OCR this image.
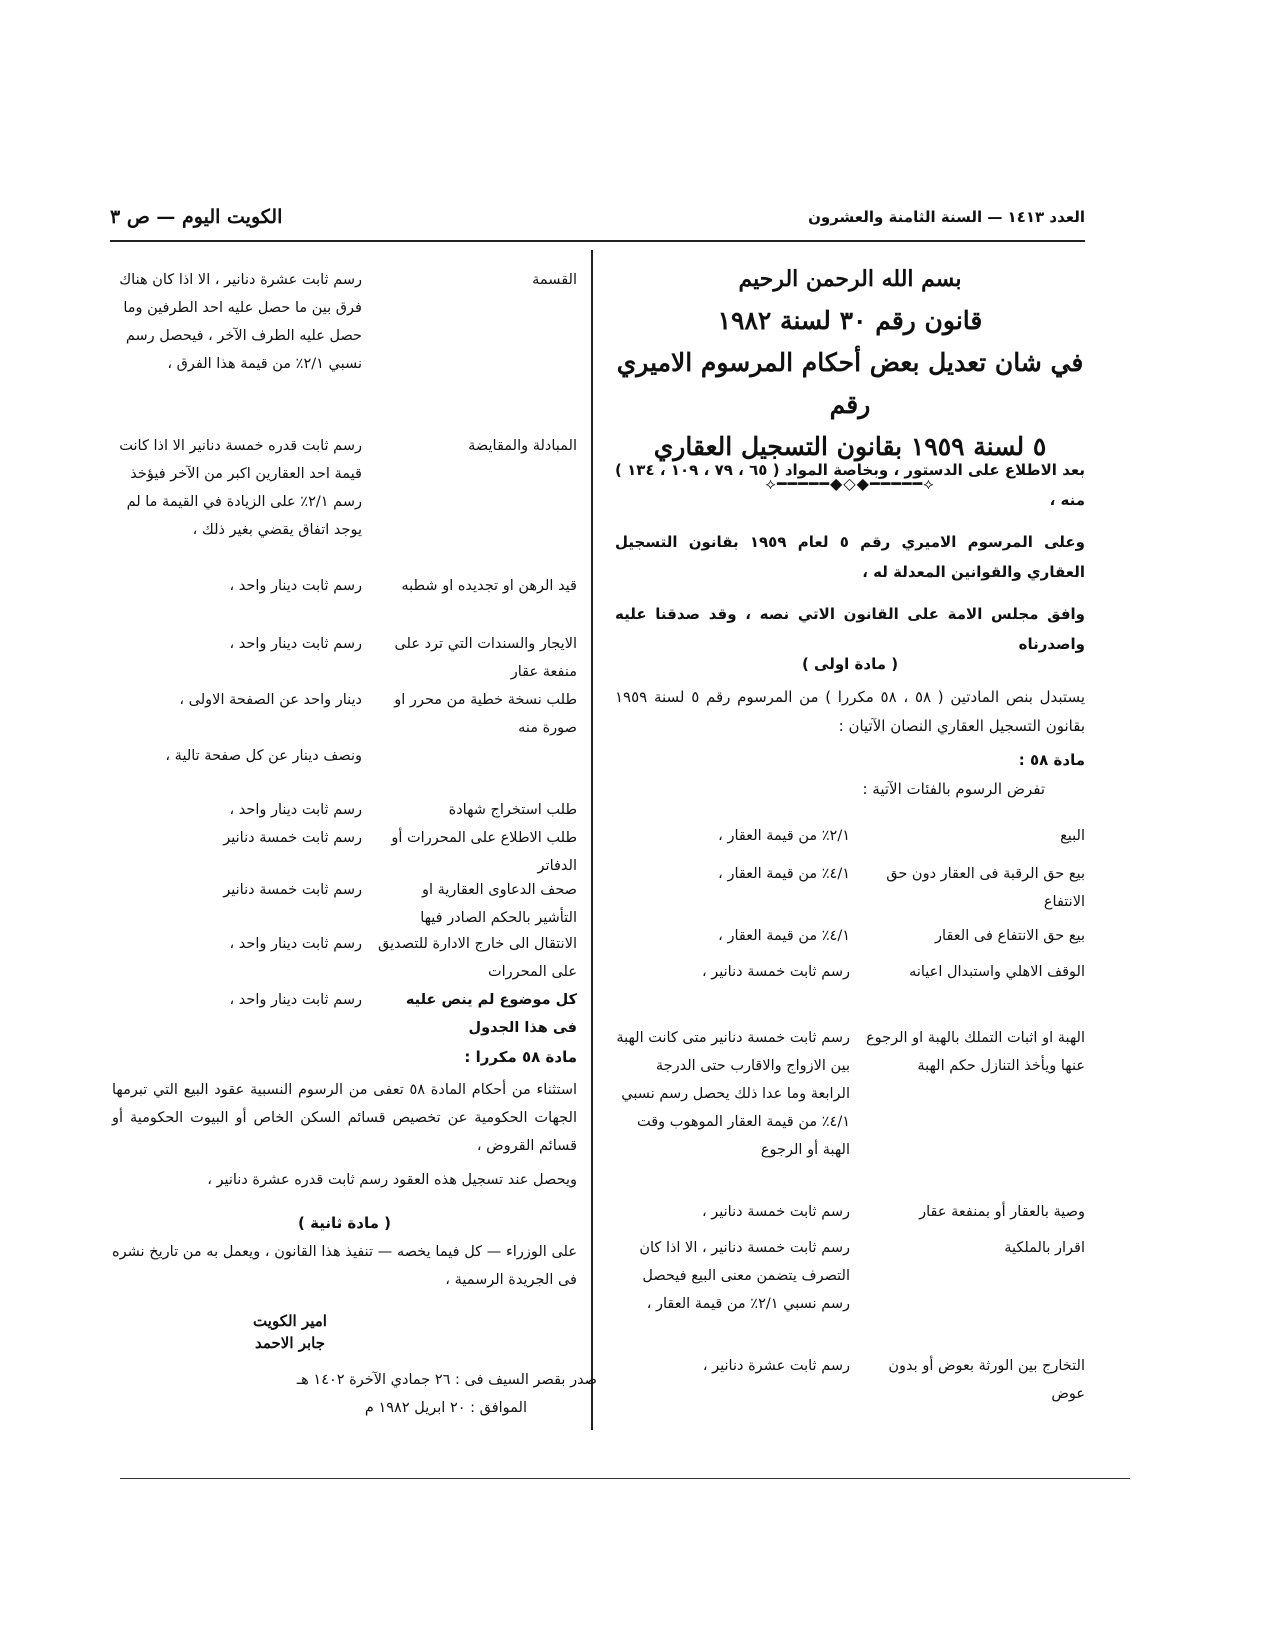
العدد ١٤١٣ — السنة الثامنة والعشرون
الكويت اليوم — ص ٣
بسم الله الرحمن الرحيم
قانون رقم ٣٠ لسنة ١٩٨٢
في شان تعديل بعض أحكام المرسوم الاميري رقم
٥ لسنة ١٩٥٩ بقانون التسجيل العقاري
⟡━━━━━◆◇◆━━━━━⟡
بعد الاطلاع على الدستور ، وبخاصة المواد ( ٦٥ ، ٧٩ ، ١٠٩ ، ١٣٤ ) منه ،
وعلى المرسوم الاميري رقم ٥ لعام ١٩٥٩ بقانون التسجيل العقاري والقوانين المعدلة له ،
وافق مجلس الامة على القانون الاتي نصه ، وقد صدقنا عليه واصدرناه
( مادة اولى )
يستبدل بنص المادتين ( ٥٨ ، ٥٨ مكررا ) من المرسوم رقم ٥ لسنة ١٩٥٩ بقانون التسجيل العقاري النصان الآتيان :
مادة ٥٨ :
تفرض الرسوم بالفئات الآتية :
البيع
٢/١٪ من قيمة العقار ،
بيع حق الرقبة فى العقار دون حق الانتفاع
٤/١٪ من قيمة العقار ،
بيع حق الانتفاع فى العقار
٤/١٪ من قيمة العقار ،
الوقف الاهلي واستبدال اعيانه
رسم ثابت خمسة دنانير ،
الهبة او اثبات التملك بالهبة او الرجوع عنها ويأخذ التنازل حكم الهبة
رسم ثابت خمسة دنانير متى كانت الهبة بين الازواج والاقارب حتى الدرجة الرابعة وما عدا ذلك يحصل رسم نسبي ٤/١٪ من قيمة العقار الموهوب وقت الهبة أو الرجوع
وصية بالعقار أو بمنفعة عقار
رسم ثابت خمسة دنانير ،
اقرار بالملكية
رسم ثابت خمسة دنانير ، الا اذا كان التصرف يتضمن معنى البيع فيحصل رسم نسبي ٢/١٪ من قيمة العقار ،
التخارج بين الورثة بعوض أو بدون عوض
رسم ثابت عشرة دنانير ،
القسمة
رسم ثابت عشرة دنانير ، الا اذا كان هناك فرق بين ما حصل عليه احد الطرفين وما حصل عليه الطرف الآخر ، فيحصل رسم نسبي ٢/١٪ من قيمة هذا الفرق ،
المبادلة والمقايضة
رسم ثابت قدره خمسة دنانير الا اذا كانت قيمة احد العقارين اكبر من الآخر فيؤخذ رسم ٢/١٪ على الزيادة في القيمة ما لم يوجد اتفاق يقضي بغير ذلك ،
قيد الرهن او تجديده او شطبه
رسم ثابت دينار واحد ،
الايجار والسندات التي ترد على منفعة عقار
رسم ثابت دينار واحد ،
طلب نسخة خطية من محرر او صورة منه
دينار واحد عن الصفحة الاولى ،
ونصف دينار عن كل صفحة تالية ،
طلب استخراج شهادة
رسم ثابت دينار واحد ،
طلب الاطلاع على المحررات أو الدفاتر
رسم ثابت خمسة دنانير
صحف الدعاوى العقارية او التأشير بالحكم الصادر فيها
رسم ثابت خمسة دنانير
الانتقال الى خارج الادارة للتصديق على المحررات
رسم ثابت دينار واحد ،
كل موضوع لم ينص عليه فى هذا الجدول
رسم ثابت دينار واحد ،
مادة ٥٨ مكررا :
استثناء من أحكام المادة ٥٨ تعفى من الرسوم النسبية عقود البيع التي تبرمها الجهات الحكومية عن تخصيص قسائم السكن الخاص أو البيوت الحكومية أو قسائم القروض ،
ويحصل عند تسجيل هذه العقود رسم ثابت قدره عشرة دنانير ،
( مادة ثانية )
على الوزراء — كل فيما يخصه — تنفيذ هذا القانون ، ويعمل به من تاريخ نشره فى الجريدة الرسمية ،
امير الكويت
جابر الاحمد
صدر بقصر السيف فى : ٢٦ جمادي الآخرة ١٤٠٢ هـ
الموافق : ٢٠ ابريل ١٩٨٢ م
